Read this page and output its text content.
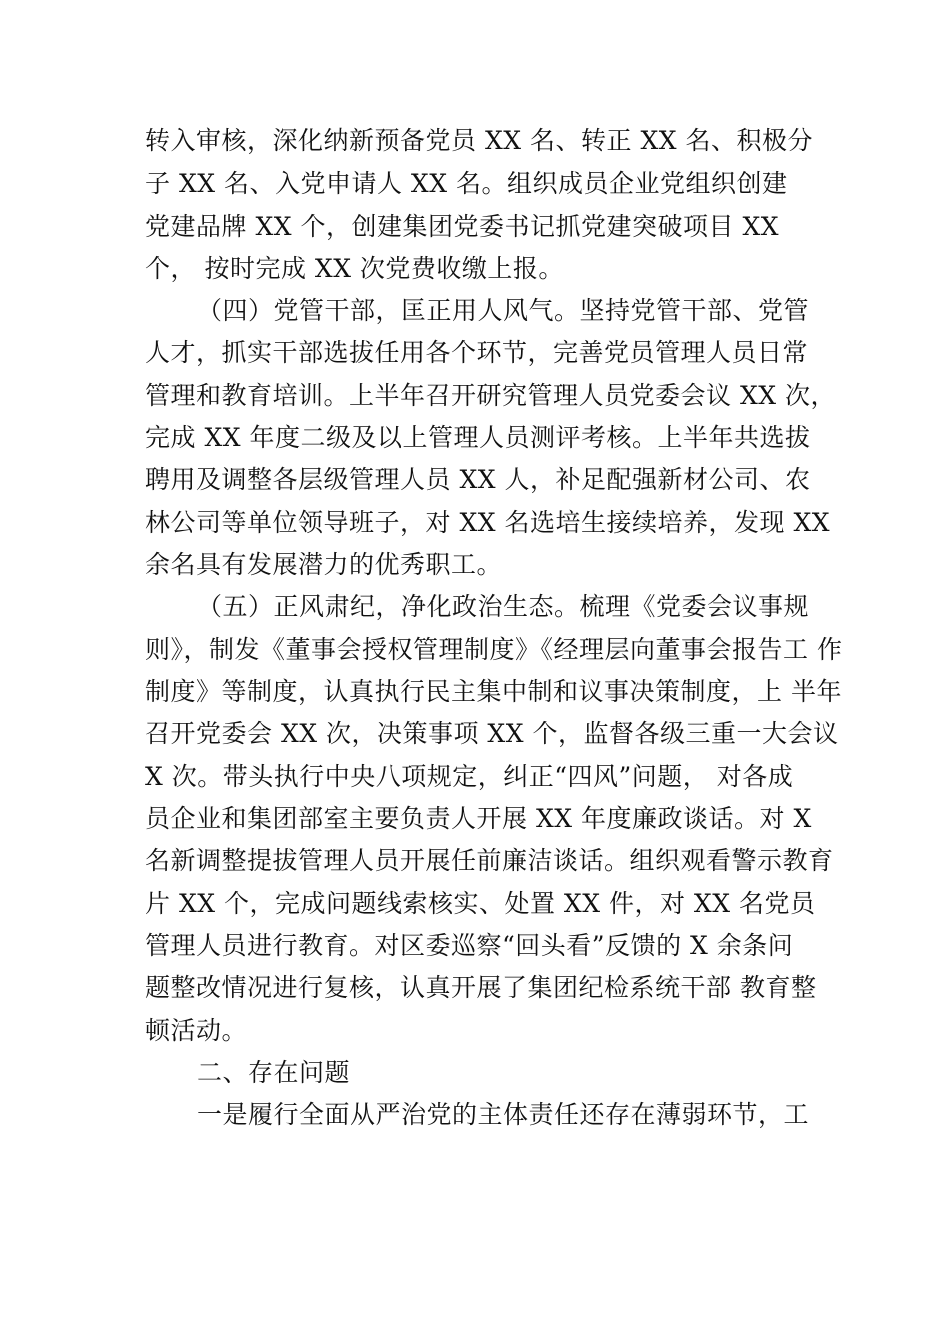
转入审核，深化纳新预备党员 XX 名、转正 XX 名、积极分
子 XX 名、入党申请人 XX 名。组织成员企业党组织创建
党建品牌 XX 个，创建集团党委书记抓党建突破项目 XX
个， 按时完成 XX 次党费收缴上报。
（四）党管干部，匡正用人风气。坚持党管干部、党管
人才，抓实干部选拔任用各个环节，完善党员管理人员日常
管理和教育培训。上半年召开研究管理人员党委会议 XX 次，
完成 XX 年度二级及以上管理人员测评考核。上半年共选拔
聘用及调整各层级管理人员 XX 人，补足配强新材公司、农
林公司等单位领导班子，对 XX 名选培生接续培养，发现 XX
余名具有发展潜力的优秀职工。
（五）正风肃纪，净化政治生态。梳理《党委会议事规
则》，制发《董事会授权管理制度》《经理层向董事会报告工 作
制度》等制度，认真执行民主集中制和议事决策制度，上 半年
召开党委会 XX 次，决策事项 XX 个，监督各级三重一大会议
X 次。带头执行中央八项规定，纠正“四风”问题， 对各成
员企业和集团部室主要负责人开展 XX 年度廉政谈话。对 X
名新调整提拔管理人员开展任前廉洁谈话。组织观看警示教育
片 XX 个，完成问题线索核实、处置 XX 件，对 XX 名党员
管理人员进行教育。对区委巡察“回头看”反馈的 X 余条问
题整改情况进行复核，认真开展了集团纪检系统干部 教育整
顿活动。
二、存在问题
一是履行全面从严治党的主体责任还存在薄弱环节，工
